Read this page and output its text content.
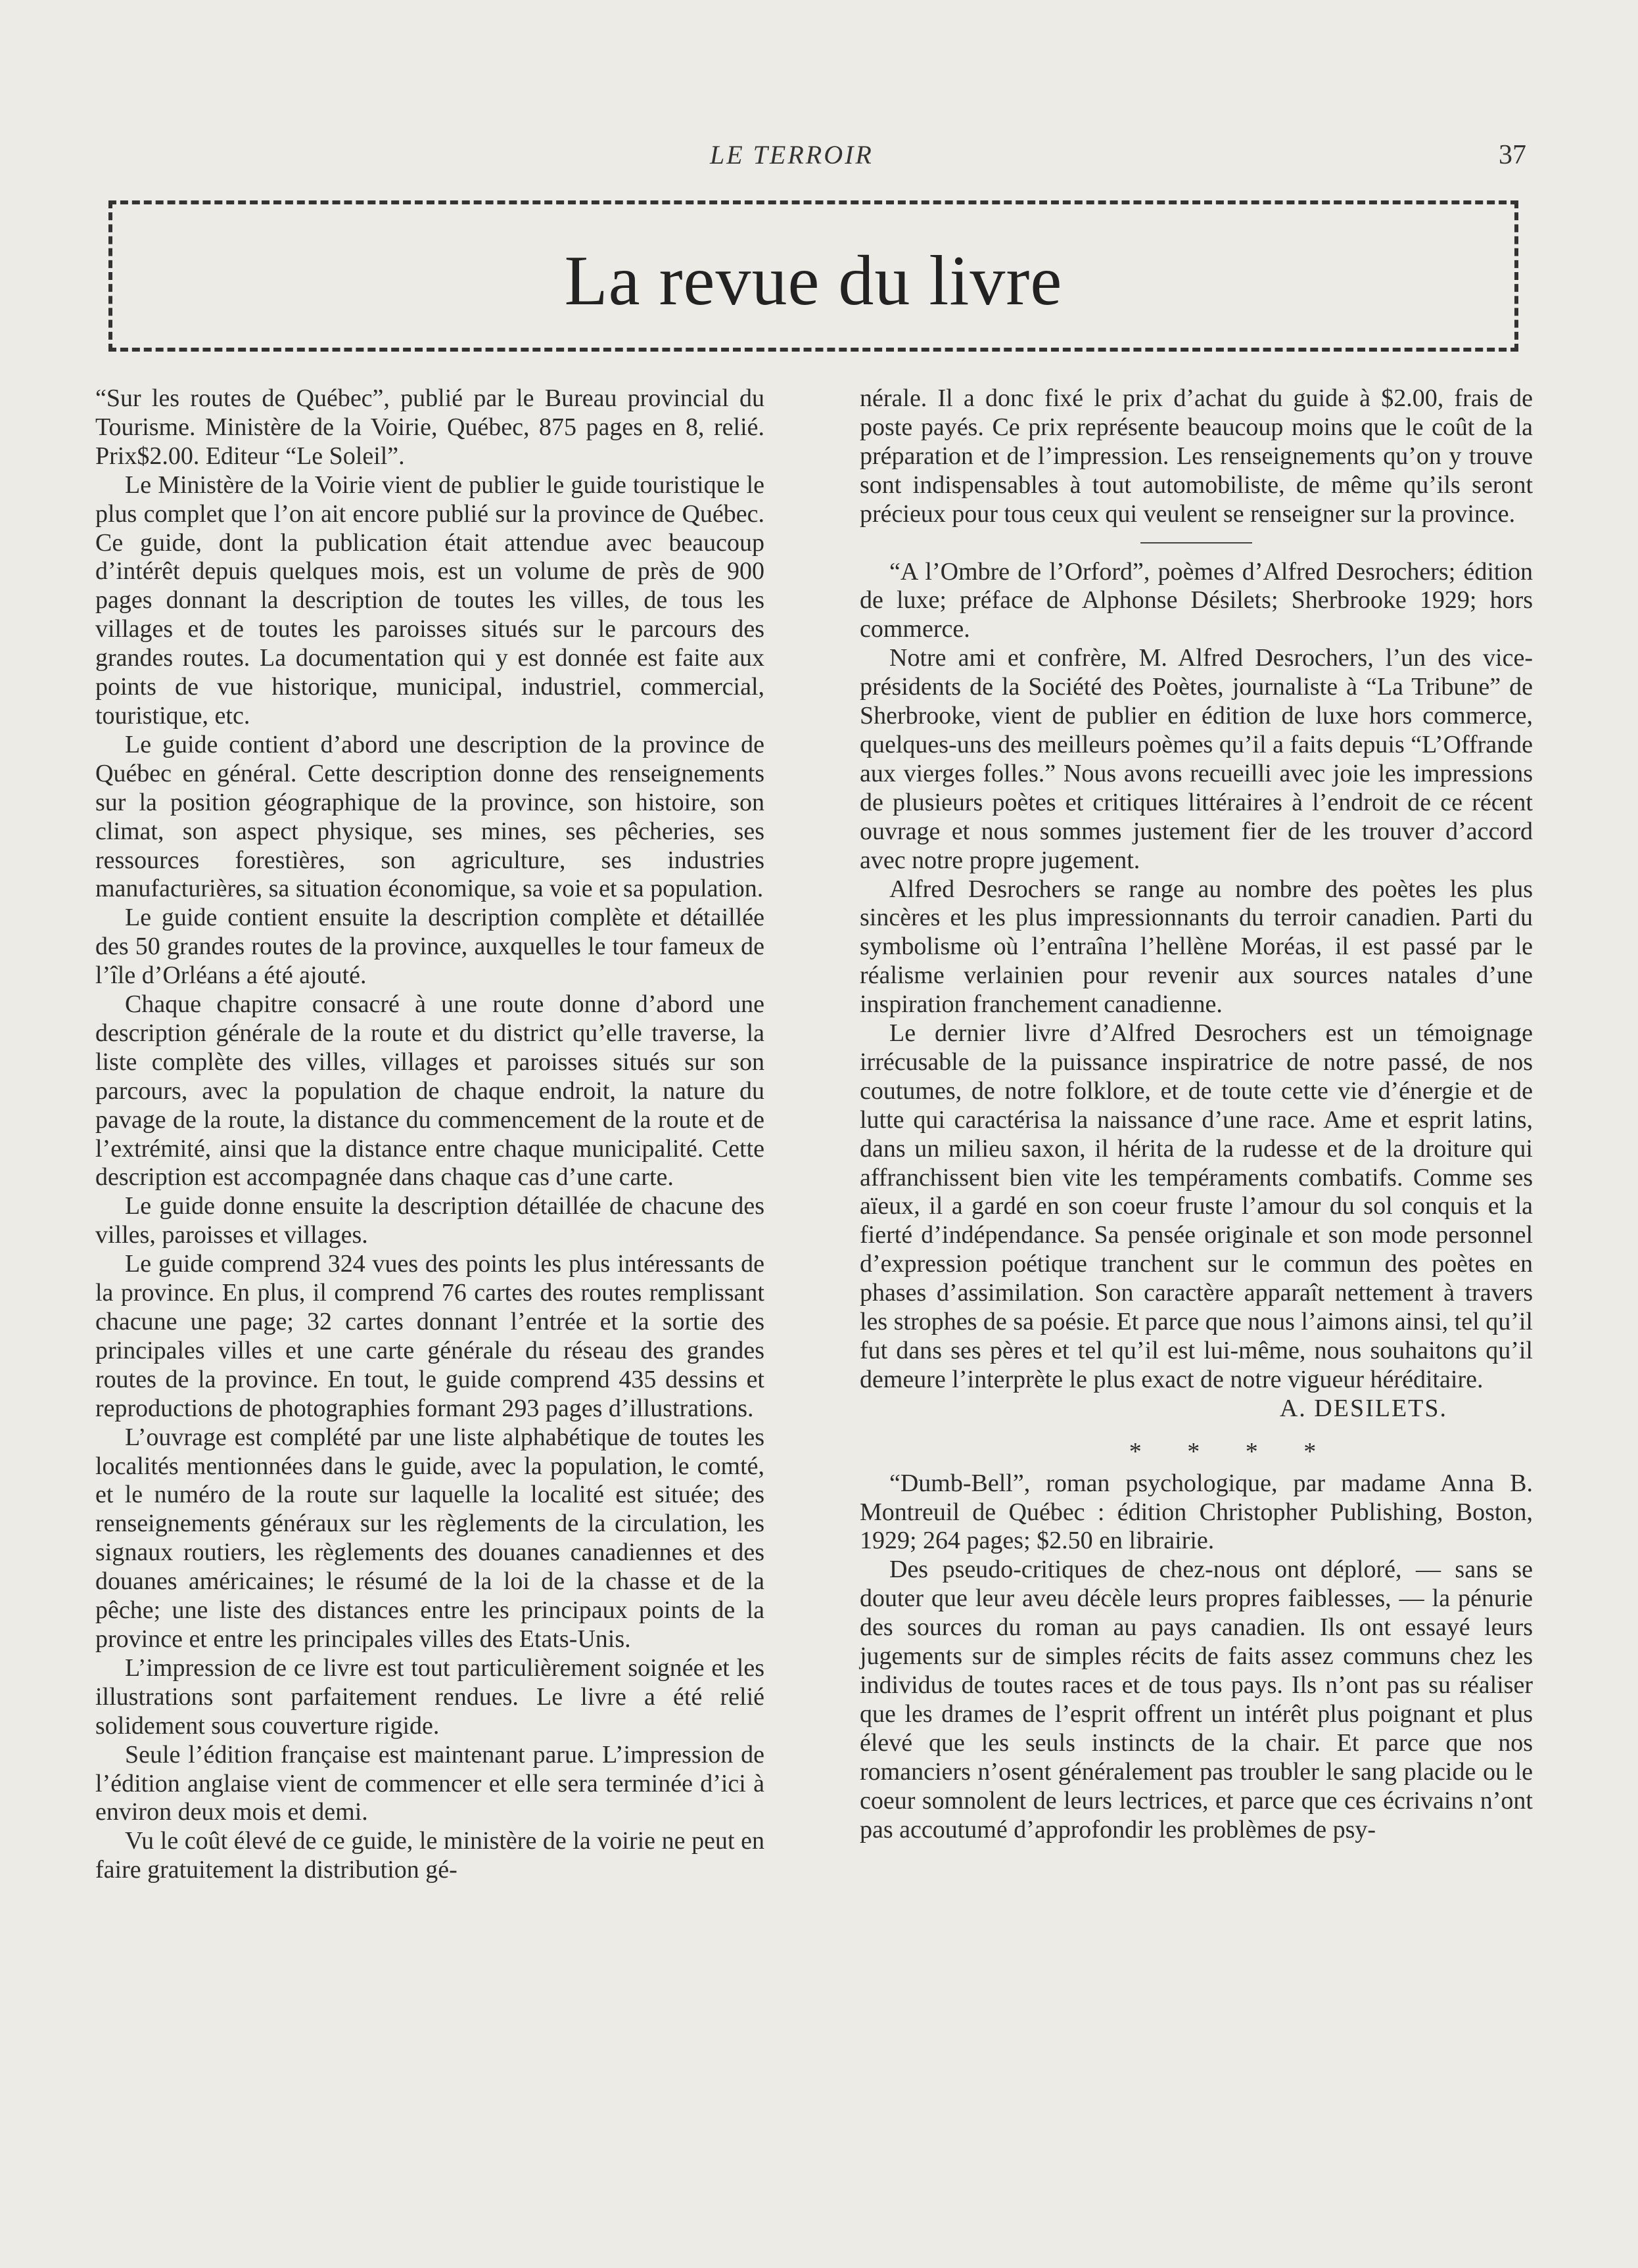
LE TERROIR	37
La revue du livre

“Sur les routes de Québec”, publié par le Bureau provincial du Tourisme. Ministère de la Voirie, Québec, 875 pages en 8, relié. Prix$2.00. Editeur “Le Soleil”.

Le Ministère de la Voirie vient de publier le guide touristique le plus complet que l’on ait encore publié sur la province de Québec. Ce guide, dont la publication était attendue avec beaucoup d’intérêt depuis quelques mois, est un volume de près de 900 pages donnant la description de toutes les villes, de tous les villages et de toutes les paroisses situés sur le parcours des grandes routes. La documentation qui y est donnée est faite aux points de vue historique, municipal, industriel, commercial, touristique, etc.

Le guide contient d’abord une description de la province de Québec en général. Cette description donne des renseignements sur la position géographique de la province, son histoire, son climat, son aspect physique, ses mines, ses pêcheries, ses ressources forestières, son agriculture, ses industries manufacturières, sa situation économique, sa voie et sa population.

Le guide contient ensuite la description complète et détaillée des 50 grandes routes de la province, auxquelles le tour fameux de l’île d’Orléans a été ajouté.

Chaque chapitre consacré à une route donne d’abord une description générale de la route et du district qu’elle traverse, la liste complète des villes, villages et paroisses situés sur son parcours, avec la population de chaque endroit, la nature du pavage de la route, la distance du commencement de la route et de l’extrémité, ainsi que la distance entre chaque municipalité. Cette description est accompagnée dans chaque cas d’une carte.

Le guide donne ensuite la description détaillée de chacune des villes, paroisses et villages.

Le guide comprend 324 vues des points les plus intéressants de la province. En plus, il comprend 76 cartes des routes remplissant chacune une page; 32 cartes donnant l’entrée et la sortie des principales villes et une carte générale du réseau des grandes routes de la province. En tout, le guide comprend 435 dessins et reproductions de photographies formant 293 pages d’illustrations.

L’ouvrage est complété par une liste alphabétique de toutes les localités mentionnées dans le guide, avec la population, le comté, et le numéro de la route sur laquelle la localité est située; des renseignements généraux sur les règlements de la circulation, les signaux routiers, les règlements des douanes canadiennes et des douanes américaines; le résumé de la loi de la chasse et de la pêche; une liste des distances entre les principaux points de la province et entre les principales villes des Etats-Unis.

L’impression de ce livre est tout particulièrement soignée et les illustrations sont parfaitement rendues. Le livre a été relié solidement sous couverture rigide.

Seule l’édition française est maintenant parue. L’impression de l’édition anglaise vient de commencer et elle sera terminée d’ici à environ deux mois et demi.

Vu le coût élevé de ce guide, le ministère de la voirie ne peut en faire gratuitement la distribution gé-

nérale. Il a donc fixé le prix d’achat du guide à $2.00, frais de poste payés. Ce prix représente beaucoup moins que le coût de la préparation et de l’impression. Les renseignements qu’on y trouve sont indispensables à tout automobiliste, de même qu’ils seront précieux pour tous ceux qui veulent se renseigner sur la province.

“A l’Ombre de l’Orford”, poèmes d’Alfred Desrochers; édition de luxe; préface de Alphonse Désilets; Sherbrooke 1929; hors commerce.

Notre ami et confrère, M. Alfred Desrochers, l’un des vice-présidents de la Société des Poètes, journaliste à “La Tribune” de Sherbrooke, vient de publier en édition de luxe hors commerce, quelques-uns des meilleurs poèmes qu’il a faits depuis “L’Offrande aux vierges folles.” Nous avons recueilli avec joie les impressions de plusieurs poètes et critiques littéraires à l’endroit de ce récent ouvrage et nous sommes justement fier de les trouver d’accord avec notre propre jugement.

Alfred Desrochers se range au nombre des poètes les plus sincères et les plus impressionnants du terroir canadien. Parti du symbolisme où l’entraîna l’hellène Moréas, il est passé par le réalisme verlainien pour revenir aux sources natales d’une inspiration franchement canadienne.

Le dernier livre d’Alfred Desrochers est un témoignage irrécusable de la puissance inspiratrice de notre passé, de nos coutumes, de notre folklore, et de toute cette vie d’énergie et de lutte qui caractérisa la naissance d’une race. Ame et esprit latins, dans un milieu saxon, il hérita de la rudesse et de la droiture qui affranchissent bien vite les tempéraments combatifs. Comme ses aïeux, il a gardé en son coeur fruste l’amour du sol conquis et la fierté d’indépendance. Sa pensée originale et son mode personnel d’expression poétique tranchent sur le commun des poètes en phases d’assimilation. Son caractère apparaît nettement à travers les strophes de sa poésie. Et parce que nous l’aimons ainsi, tel qu’il fut dans ses pères et tel qu’il est lui-même, nous souhaitons qu’il demeure l’interprète le plus exact de notre vigueur héréditaire.

A. DESILETS.

* * * *

“Dumb-Bell”, roman psychologique, par madame Anna B. Montreuil de Québec : édition Christopher Publishing, Boston, 1929; 264 pages; $2.50 en librairie.

Des pseudo-critiques de chez-nous ont déploré, — sans se douter que leur aveu décèle leurs propres faiblesses, — la pénurie des sources du roman au pays canadien. Ils ont essayé leurs jugements sur de simples récits de faits assez communs chez les individus de toutes races et de tous pays. Ils n’ont pas su réaliser que les drames de l’esprit offrent un intérêt plus poignant et plus élevé que les seuls instincts de la chair. Et parce que nos romanciers n’osent généralement pas troubler le sang placide ou le coeur somnolent de leurs lectrices, et parce que ces écrivains n’ont pas accoutumé d’approfondir les problèmes de psy-
